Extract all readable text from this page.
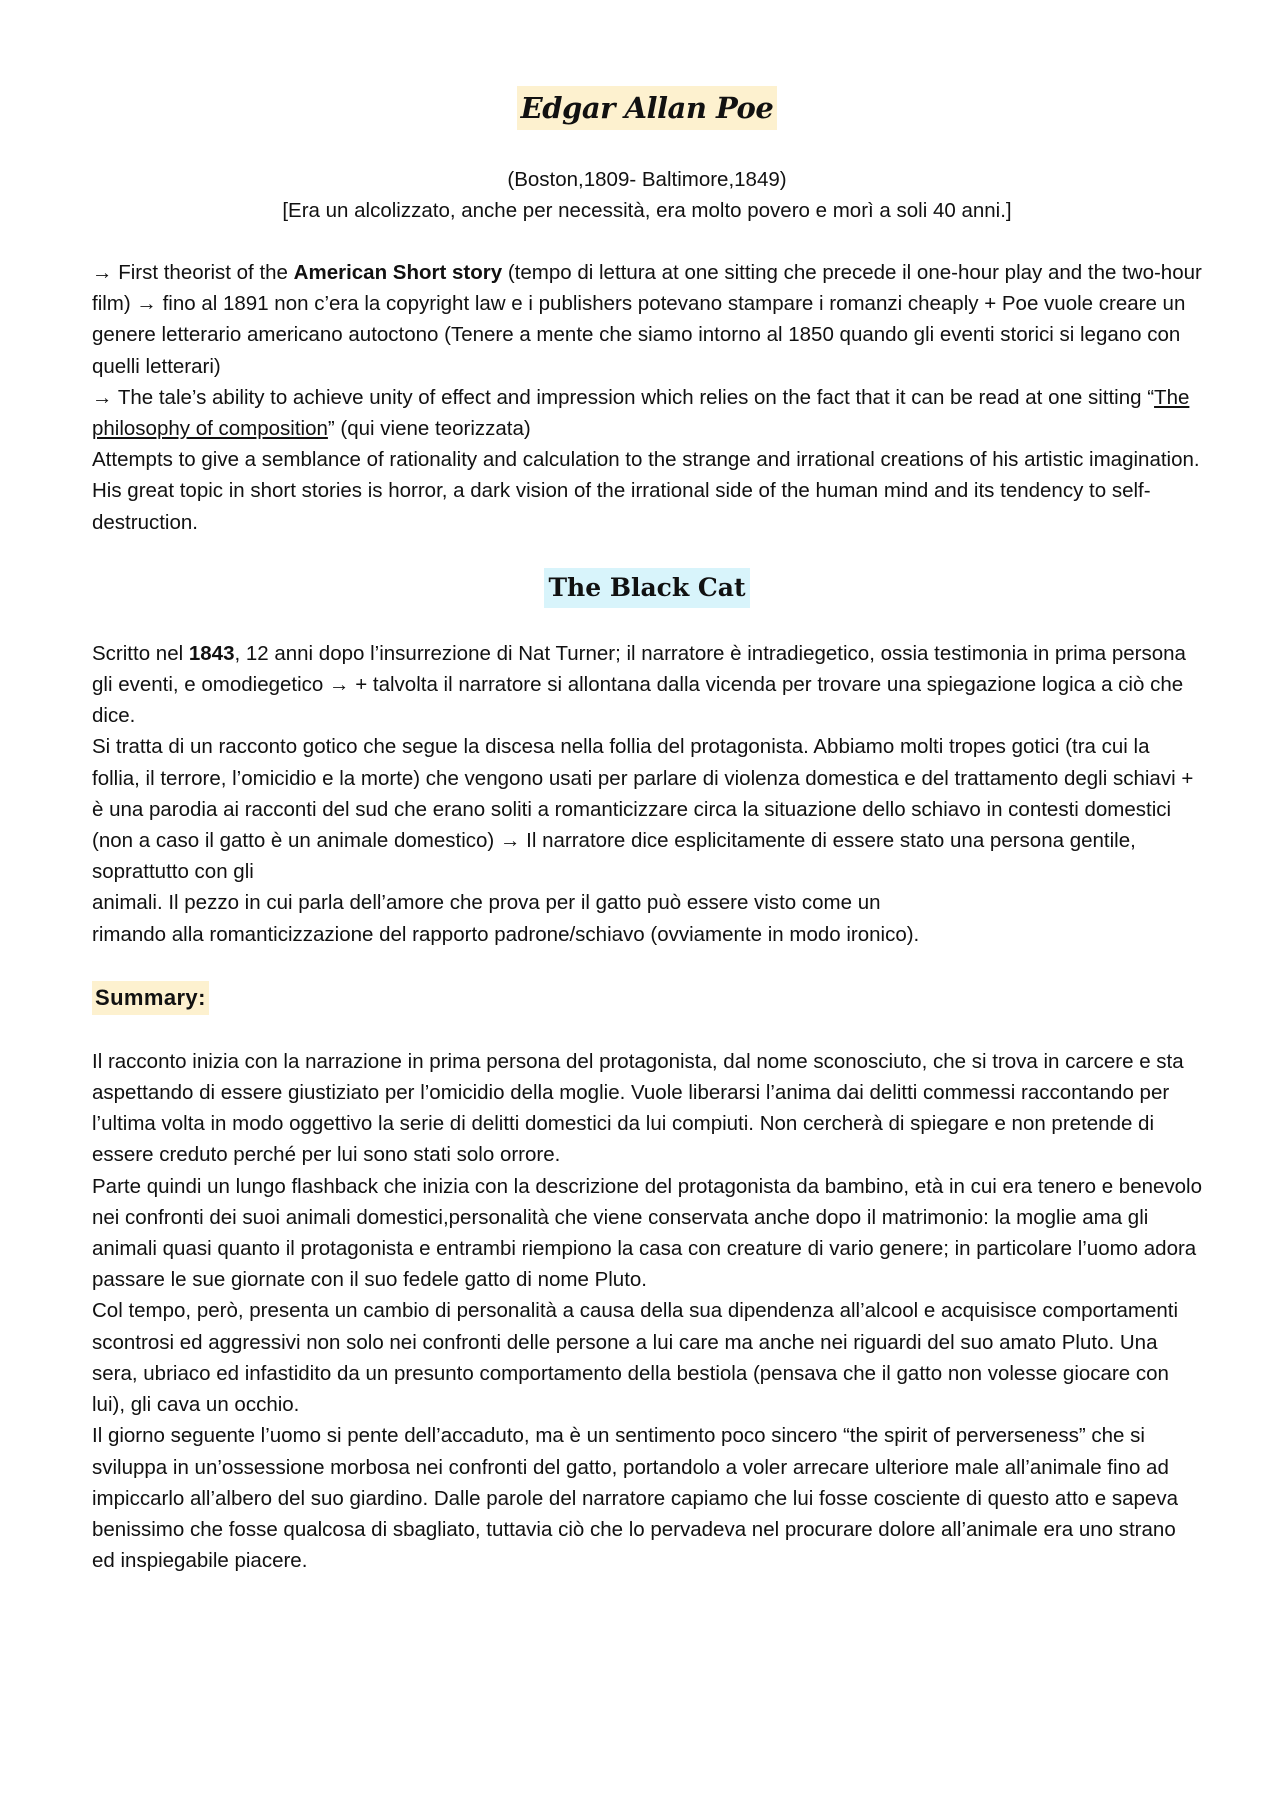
Edgar Allan Poe
(Boston,1809- Baltimore,1849)
[Era un alcolizzato, anche per necessità, era molto povero e morì a soli 40 anni.]

→ First theorist of the American Short story (tempo di lettura at one sitting che precede il one-hour play and the two-hour film) → fino al 1891 non c’era la copyright law e i publishers potevano stampare i romanzi cheaply + Poe vuole creare un genere letterario americano autoctono (Tenere a mente che siamo intorno al 1850 quando gli eventi storici si legano con quelli letterari)

→ The tale’s ability to achieve unity of effect and impression which relies on the fact that it can be read at one sitting “The philosophy of composition” (qui viene teorizzata)

Attempts to give a semblance of rationality and calculation to the strange and irrational creations of his artistic imagination.

His great topic in short stories is horror, a dark vision of the irrational side of the human mind and its tendency to self-destruction.

The Black Cat

Scritto nel 1843, 12 anni dopo l’insurrezione di Nat Turner; il narratore è intradiegetico, ossia testimonia in prima persona gli eventi, e omodiegetico → + talvolta il narratore si allontana dalla vicenda per trovare una spiegazione logica a ciò che dice.

Si tratta di un racconto gotico che segue la discesa nella follia del protagonista. Abbiamo molti tropes gotici (tra cui la follia, il terrore, l’omicidio e la morte) che vengono usati per parlare di violenza domestica e del trattamento degli schiavi + è una parodia ai racconti del sud che erano soliti a romanticizzare circa la situazione dello schiavo in contesti domestici (non a caso il gatto è un animale domestico) → Il narratore dice esplicitamente di essere stato una persona gentile, soprattutto con gli

animali. Il pezzo in cui parla dell’amore che prova per il gatto può essere visto come un

rimando alla romanticizzazione del rapporto padrone/schiavo (ovviamente in modo ironico).

Summary:

Il racconto inizia con la narrazione in prima persona del protagonista, dal nome sconosciuto, che si trova in carcere e sta aspettando di essere giustiziato per l’omicidio della moglie. Vuole liberarsi l’anima dai delitti commessi raccontando per l’ultima volta in modo oggettivo la serie di delitti domestici da lui compiuti. Non cercherà di spiegare e non pretende di essere creduto perché per lui sono stati solo orrore.

Parte quindi un lungo flashback che inizia con la descrizione del protagonista da bambino, età in cui era tenero e benevolo nei confronti dei suoi animali domestici,personalità che viene conservata anche dopo il matrimonio: la moglie ama gli animali quasi quanto il protagonista e entrambi riempiono la casa con creature di vario genere; in particolare l’uomo adora passare le sue giornate con il suo fedele gatto di nome Pluto.

Col tempo, però, presenta un cambio di personalità a causa della sua dipendenza all’alcool e acquisisce comportamenti scontrosi ed aggressivi non solo nei confronti delle persone a lui care ma anche nei riguardi del suo amato Pluto. Una sera, ubriaco ed infastidito da un presunto comportamento della bestiola (pensava che il gatto non volesse giocare con lui), gli cava un occhio.

Il giorno seguente l’uomo si pente dell’accaduto, ma è un sentimento poco sincero “the spirit of perverseness” che si sviluppa in un’ossessione morbosa nei confronti del gatto, portandolo a voler arrecare ulteriore male all’animale fino ad impiccarlo all’albero del suo giardino. Dalle parole del narratore capiamo che lui fosse cosciente di questo atto e sapeva benissimo che fosse qualcosa di sbagliato, tuttavia ciò che lo pervadeva nel procurare dolore all’animale era uno strano ed inspiegabile piacere.
